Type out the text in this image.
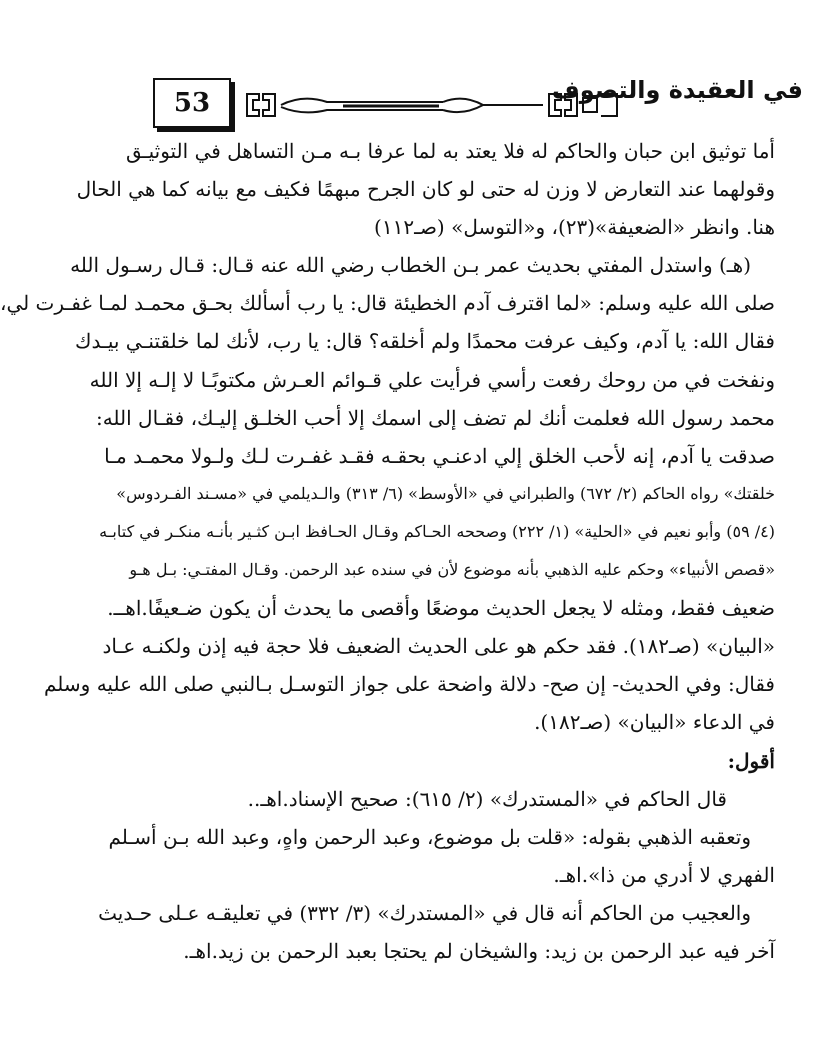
53	في العقيدة والتصوف
أما توثيق ابن حبان والحاكم له فلا يعتد به لما عرفا بـه مـن التساهل في التوثيـق
وقولهما عند التعارض لا وزن له حتى لو كان الجرح مبهمًا فكيف مع بيانه كما هي الحال
هنا. وانظر «الضعيفة»(٢٣)، و«التوسل» (صـ١١٢)
(هـ) واستدل المفتي بحديث عمر بـن الخطاب رضي الله عنه قـال: قـال رسـول الله
صلى الله عليه وسلم: «لما اقترف آدم الخطيئة قال: يا رب أسألك بحـق محمـد لمـا غفـرت لي،
فقال الله: يا آدم، وكيف عرفت محمدًا ولم أخلقه؟ قال: يا رب، لأنك لما خلقتنـي بيـدك
ونفخت في من روحك رفعت رأسي فرأيت علي قـوائم العـرش مكتوبًـا لا إلـه إلا الله
محمد رسول الله فعلمت أنك لم تضف إلى اسمك إلا أحب الخلـق إليـك، فقـال الله:
صدقت يا آدم، إنه لأحب الخلق إلي ادعنـي بحقـه فقـد غفـرت لـك ولـولا محمـد مـا
خلقتك» رواه الحاكم (٢/ ٦٧٢) والطبراني في «الأوسط» (٦/ ٣١٣) والـديلمي في «مسـند الفـردوس»
(٤/ ٥٩) وأبو نعيم في «الحلية» (١/ ٢٢٢) وصححه الحـاكم وقـال الحـافظ ابـن كثـير بأنـه منكـر في كتابـه
«قصص الأنبياء» وحكم عليه الذهبي بأنه موضوع لأن في سنده عبد الرحمن. وقـال المفتـي: بـل هـو
ضعيف فقط، ومثله لا يجعل الحديث موضعًا وأقصى ما يحدث أن يكون ضـعيفًا.اهــ.
«البيان» (صـ١٨٢). فقد حكم هو على الحديث الضعيف فلا حجة فيه إذن ولكنـه عـاد
فقال: وفي الحديث- إن صح- دلالة واضحة على جواز التوسـل بـالنبي صلى الله عليه وسلم
في الدعاء «البيان» (صـ١٨٢).
أقول:
قال الحاكم في «المستدرك» (٢/ ٦١٥): صحيح الإسناد.اهـ..
وتعقبه الذهبي بقوله: «قلت بل موضوع، وعبد الرحمن واهٍ، وعبد الله بـن أسـلم
الفهري لا أدري من ذا».اهـ.
والعجيب من الحاكم أنه قال في «المستدرك» (٣/ ٣٣٢) في تعليقـه عـلى حـديث
آخر فيه عبد الرحمن بن زيد: والشيخان لم يحتجا بعبد الرحمن بن زيد.اهـ.
